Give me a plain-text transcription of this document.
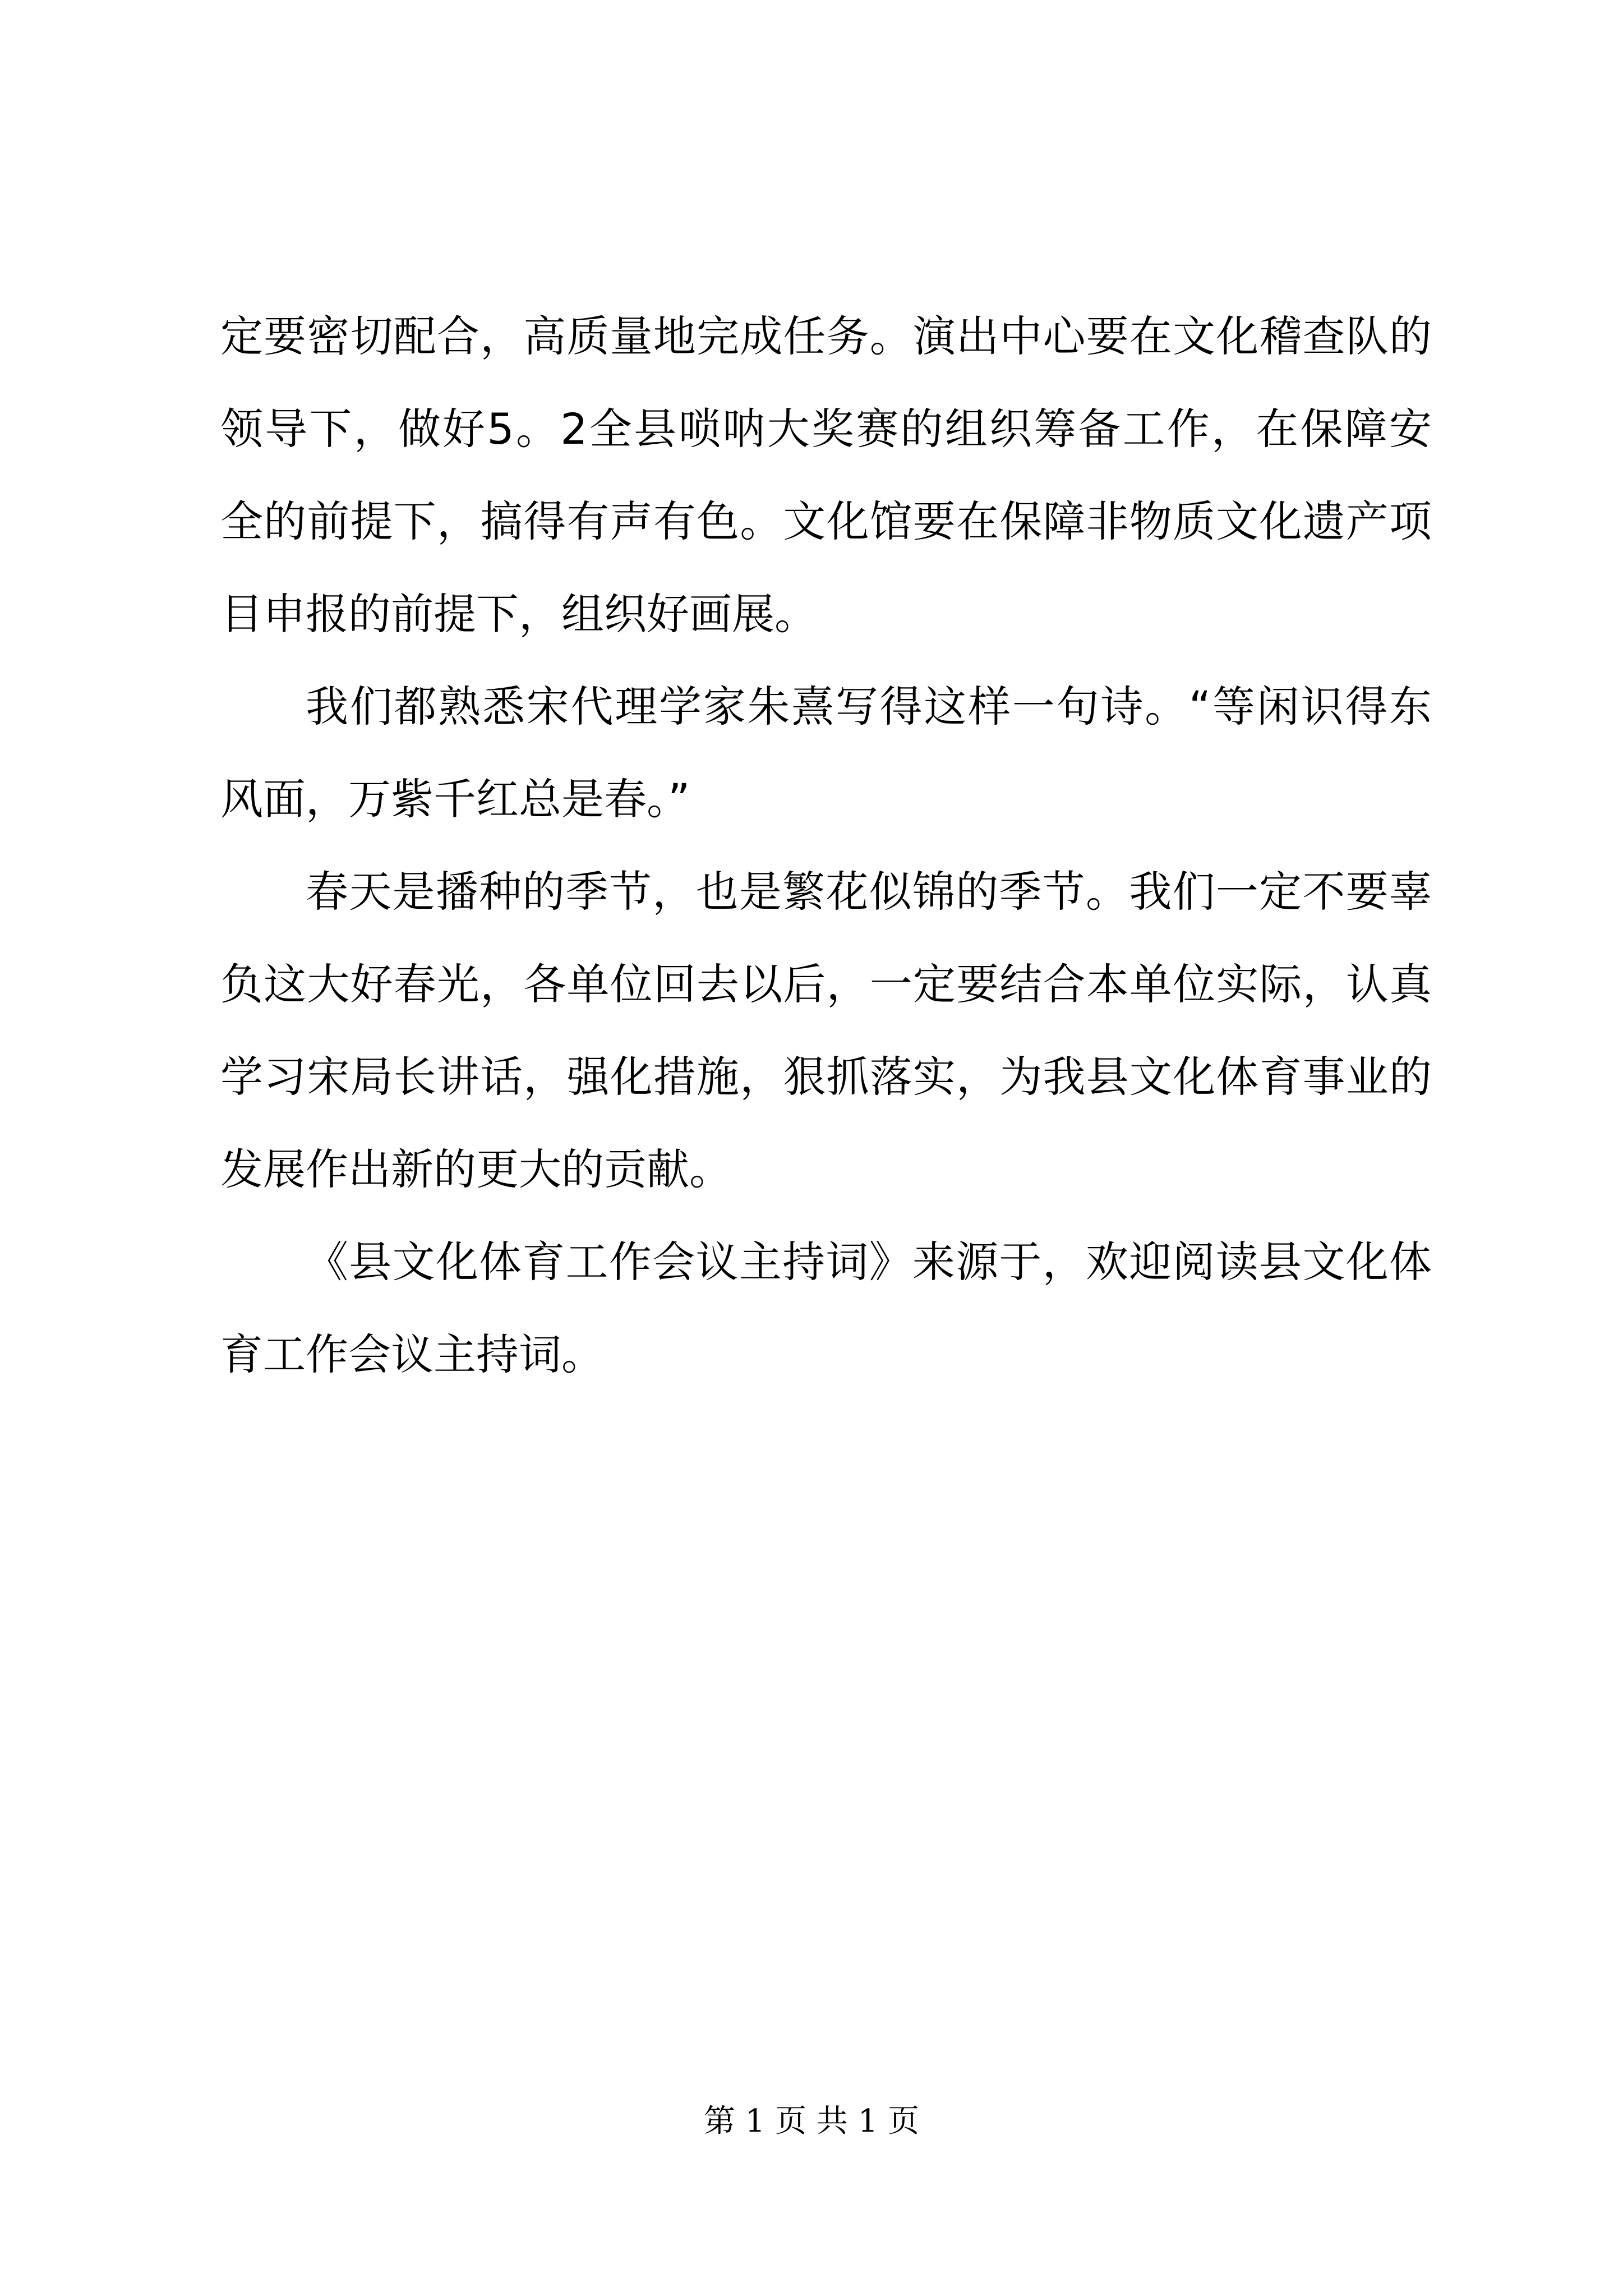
定要密切配合，高质量地完成任务。演出中心要在文化稽查队的

领导下，做好5。2全县唢呐大奖赛的组织筹备工作，在保障安

全的前提下，搞得有声有色。文化馆要在保障非物质文化遗产项

目申报的前提下，组织好画展。

我们都熟悉宋代理学家朱熹写得这样一句诗。“等闲识得东

风面，万紫千红总是春。”

春天是播种的季节，也是繁花似锦的季节。我们一定不要辜

负这大好春光，各单位回去以后，一定要结合本单位实际，认真

学习宋局长讲话，强化措施，狠抓落实，为我县文化体育事业的

发展作出新的更大的贡献。

《县文化体育工作会议主持词》来源于，欢迎阅读县文化体

育工作会议主持词。

第 1 页 共 1 页
